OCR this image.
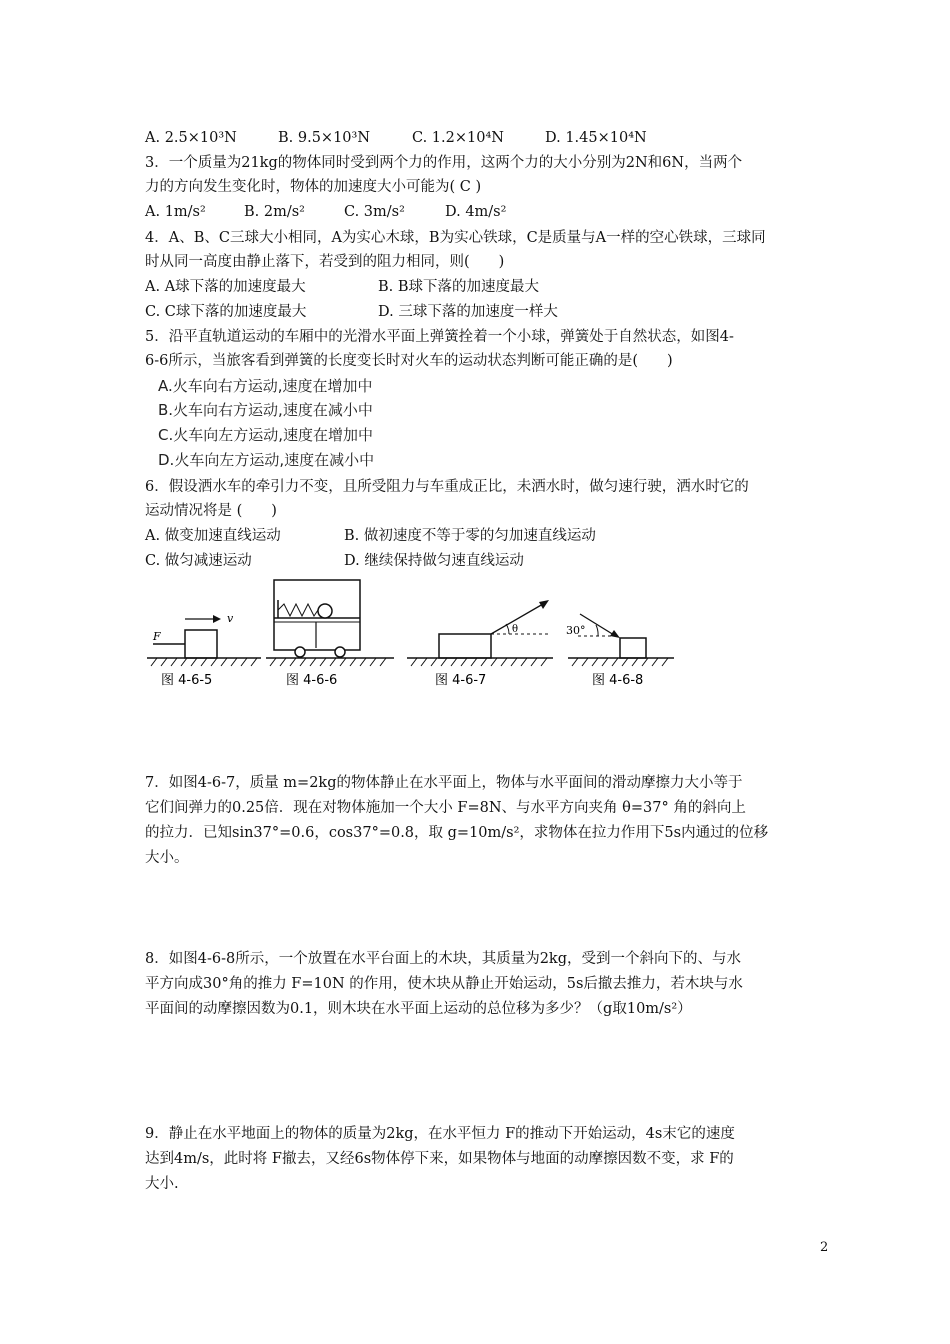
A. 2.5×10³N	B. 9.5×10³N	C. 1.2×10⁴N	D. 1.45×10⁴N
3．一个质量为21kg的物体同时受到两个力的作用，这两个力的大小分别为2N和6N，当两个
力的方向发生变化时，物体的加速度大小可能为( C )
A. 1m/s²	B. 2m/s²	C. 3m/s²	D. 4m/s²
4．A、B、C三球大小相同，A为实心木球，B为实心铁球，C是质量与A一样的空心铁球，三球同
时从同一高度由静止落下，若受到的阻力相同，则(　　)
A. A球下落的加速度最大	B. B球下落的加速度最大
C. C球下落的加速度最大	D. 三球下落的加速度一样大
5．沿平直轨道运动的车厢中的光滑水平面上弹簧拴着一个小球，弹簧处于自然状态，如图4-
6-6所示，当旅客看到弹簧的长度变长时对火车的运动状态判断可能正确的是(　　)
A.火车向右方运动,速度在增加中
B.火车向右方运动,速度在减小中
C.火车向左方运动,速度在增加中
D.火车向左方运动,速度在减小中
6．假设洒水车的牵引力不变，且所受阻力与车重成正比，未洒水时，做匀速行驶，洒水时它的
运动情况将是 (　　)
A. 做变加速直线运动	B. 做初速度不等于零的匀加速直线运动
C. 做匀减速运动	D. 继续保持做匀速直线运动
F
v
图 4-6-5	图 4-6-6
θ
图 4-6-7
30°
图 4-6-8
7．如图4-6-7，质量 m=2kg的物体静止在水平面上，物体与水平面间的滑动摩擦力大小等于
它们间弹力的0.25倍．现在对物体施加一个大小 F=8N、与水平方向夹角 θ=37° 角的斜向上
的拉力．已知sin37°=0.6，cos37°=0.8，取 g=10m/s²，求物体在拉力作用下5s内通过的位移
大小。
8．如图4-6-8所示，一个放置在水平台面上的木块，其质量为2kg，受到一个斜向下的、与水
平方向成30°角的推力 F=10N 的作用，使木块从静止开始运动，5s后撤去推力，若木块与水
平面间的动摩擦因数为0.1，则木块在水平面上运动的总位移为多少？（g取10m/s²）
9．静止在水平地面上的物体的质量为2kg，在水平恒力 F的推动下开始运动，4s末它的速度
达到4m/s，此时将 F撤去，又经6s物体停下来，如果物体与地面的动摩擦因数不变，求 F的
大小.
2
